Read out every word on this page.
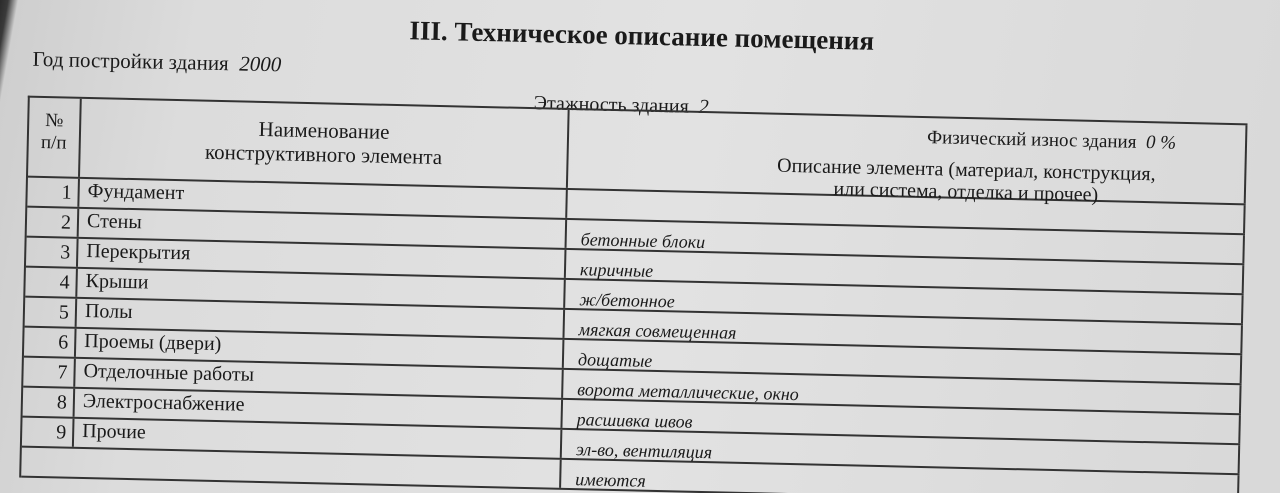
III. Техническое описание помещения
Год постройки здания 2000
Этажность здания 2
Физический износ здания 0 %
№
п/п	Наименование
конструктивного элемента
Описание элемента (материал, конструкция,
или система, отделка и прочее)
1 Фундамент
2 Стены
бетонные блоки
3 Перекрытия
киричные
4 Крыши
ж/бетонное
5 Полы
мягкая совмещенная
6 Проемы (двери)
дощатые
7 Отделочные работы
ворота металлические, окно
8 Электроснабжение
расшивка швов
9 Прочие
эл-во, вентиляция
имеются
